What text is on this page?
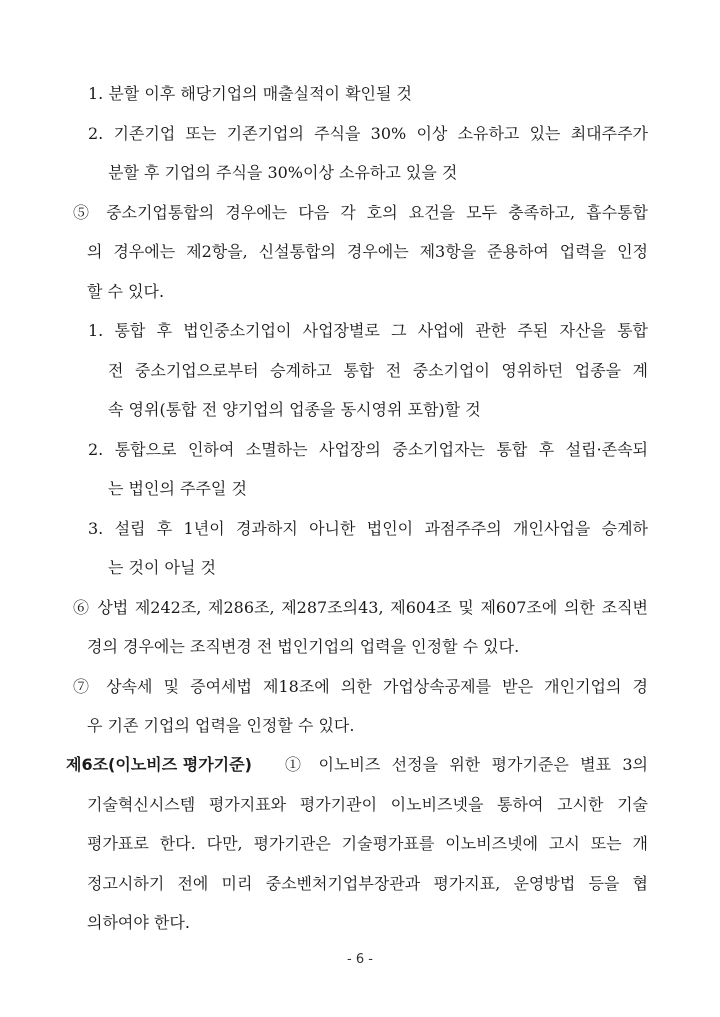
1. 분할 이후 해당기업의 매출실적이 확인될 것
2. 기존기업 또는 기존기업의 주식을 30% 이상 소유하고 있는 최대주주가
분할 후 기업의 주식을 30%이상 소유하고 있을 것
⑤ 중소기업통합의 경우에는 다음 각 호의 요건을 모두 충족하고, 흡수통합
의 경우에는 제2항을, 신설통합의 경우에는 제3항을 준용하여 업력을 인정
할 수 있다.
1. 통합 후 법인중소기업이 사업장별로 그 사업에 관한 주된 자산을 통합
전 중소기업으로부터 승계하고 통합 전 중소기업이 영위하던 업종을 계
속 영위(통합 전 양기업의 업종을 동시영위 포함)할 것
2. 통합으로 인하여 소멸하는 사업장의 중소기업자는 통합 후 설립·존속되
는 법인의 주주일 것
3. 설립 후 1년이 경과하지 아니한 법인이 과점주주의 개인사업을 승계하
는 것이 아닐 것
⑥ 상법 제242조, 제286조, 제287조의43, 제604조 및 제607조에 의한 조직변
경의 경우에는 조직변경 전 법인기업의 업력을 인정할 수 있다.
⑦ 상속세 및 증여세법 제18조에 의한 가업상속공제를 받은 개인기업의 경
우 기존 기업의 업력을 인정할 수 있다.
제6조(이노비즈 평가기준) ① 이노비즈 선정을 위한 평가기준은 별표 3의
기술혁신시스템 평가지표와 평가기관이 이노비즈넷을 통하여 고시한 기술
평가표로 한다. 다만, 평가기관은 기술평가표를 이노비즈넷에 고시 또는 개
정고시하기 전에 미리 중소벤처기업부장관과 평가지표, 운영방법 등을 협
의하여야 한다.
- 6 -
